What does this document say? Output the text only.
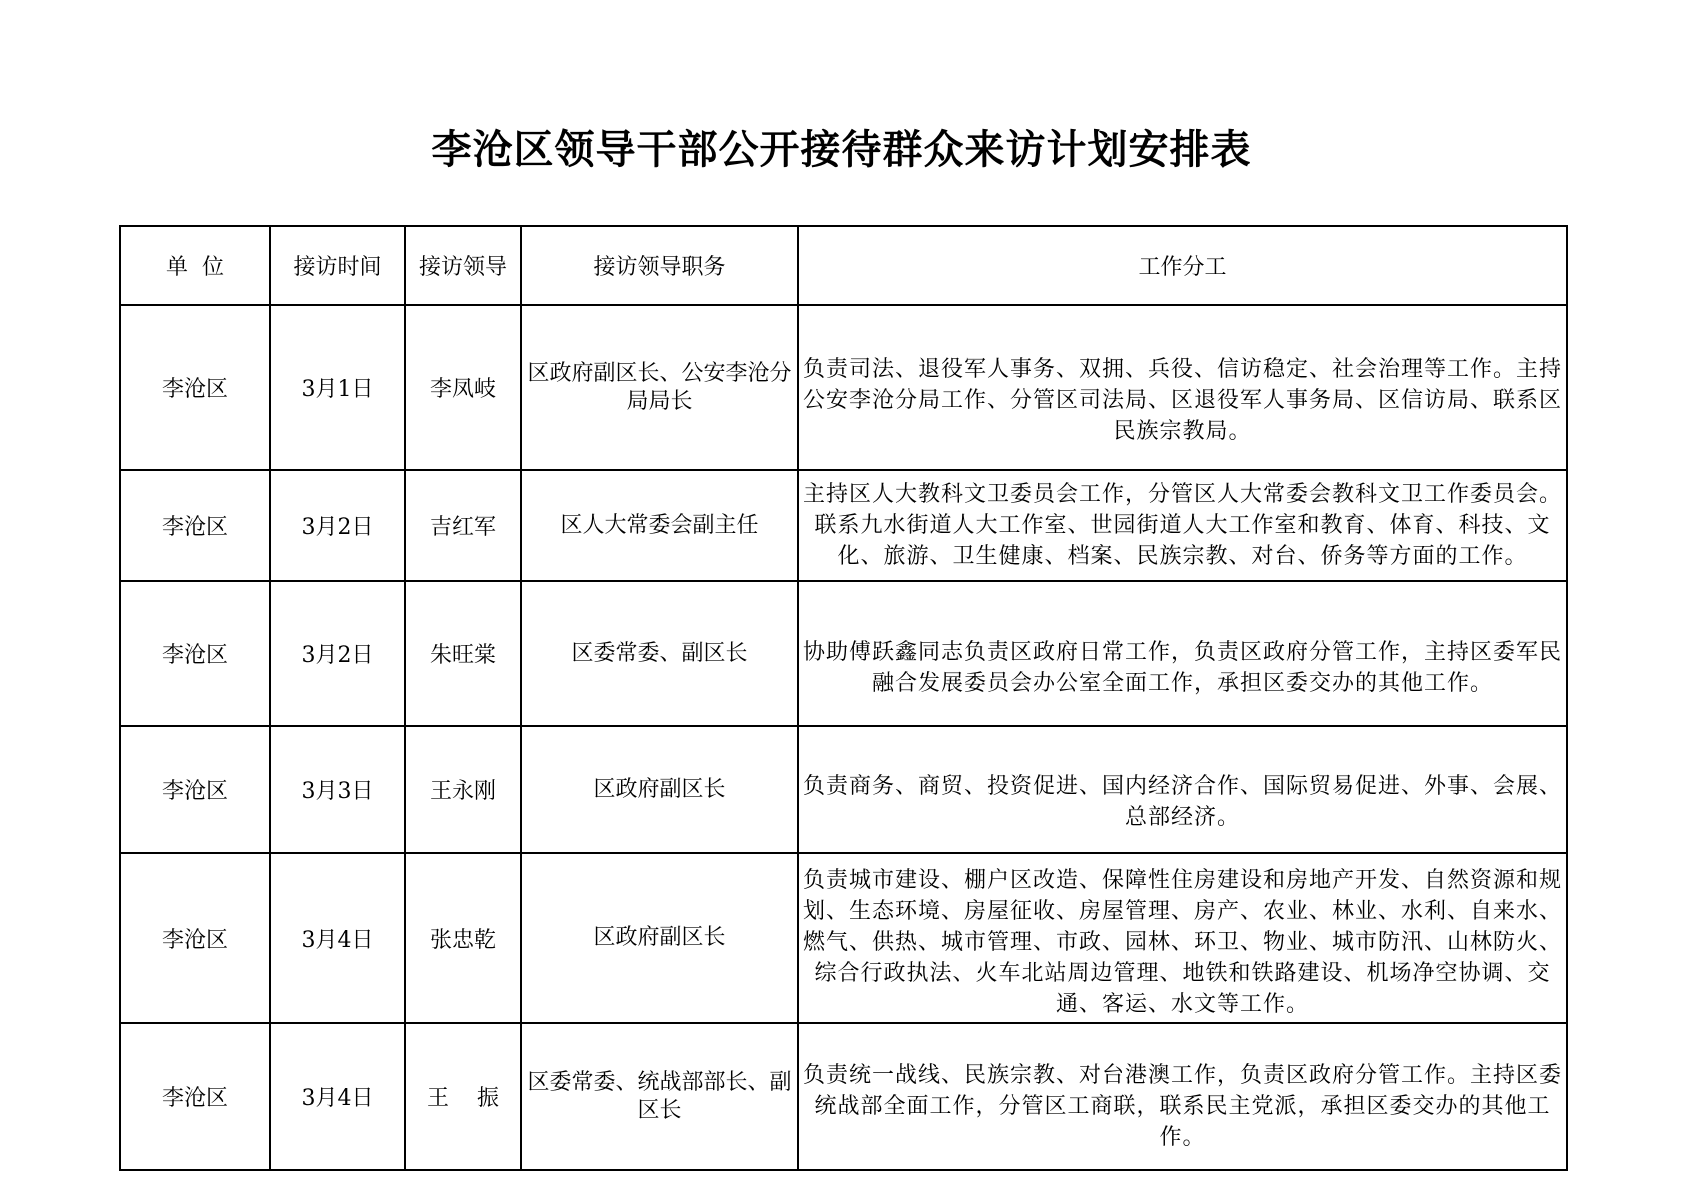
李沧区领导干部公开接待群众来访计划安排表
单  位	接访时间	接访领导	接访领导职务	工作分工
李沧区	3月1日	李凤岐	区政府副区长、公安李沧分局局长	负责司法、退役军人事务、双拥、兵役、信访稳定、社会治理等工作。主持公安李沧分局工作、分管区司法局、区退役军人事务局、区信访局、联系区民族宗教局。
李沧区	3月2日	吉红军	区人大常委会副主任	主持区人大教科文卫委员会工作，分管区人大常委会教科文卫工作委员会。联系九水街道人大工作室、世园街道人大工作室和教育、体育、科技、文化、旅游、卫生健康、档案、民族宗教、对台、侨务等方面的工作。
李沧区	3月2日	朱旺棠	区委常委、副区长	协助傅跃鑫同志负责区政府日常工作，负责区政府分管工作，主持区委军民融合发展委员会办公室全面工作，承担区委交办的其他工作。
李沧区	3月3日	王永刚	区政府副区长	负责商务、商贸、投资促进、国内经济合作、国际贸易促进、外事、会展、总部经济。
李沧区	3月4日	张忠乾	区政府副区长	负责城市建设、棚户区改造、保障性住房建设和房地产开发、自然资源和规划、生态环境、房屋征收、房屋管理、房产、农业、林业、水利、自来水、燃气、供热、城市管理、市政、园林、环卫、物业、城市防汛、山林防火、综合行政执法、火车北站周边管理、地铁和铁路建设、机场净空协调、交通、客运、水文等工作。
李沧区	3月4日	王    振	区委常委、统战部部长、副区长	负责统一战线、民族宗教、对台港澳工作，负责区政府分管工作。主持区委统战部全面工作，分管区工商联，联系民主党派，承担区委交办的其他工作。
